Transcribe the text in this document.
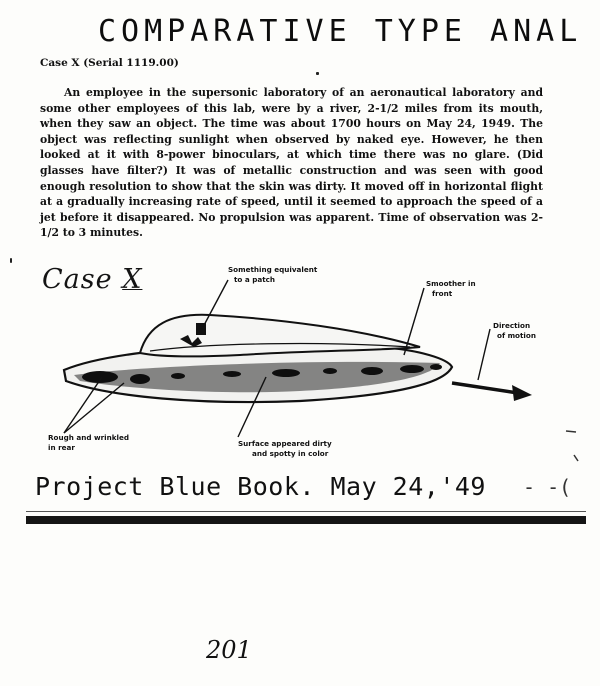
COMPARATIVE TYPE ANAL
Case X (Serial 1119.00)

An employee in the supersonic laboratory of an aeronautical laboratory and some other employees of this lab, were by a river, 2-1/2 miles from its mouth, when they saw an object. The time was about 1700 hours on May 24, 1949. The object was reflecting sunlight when observed by naked eye. However, he then looked at it with 8-power binoculars, at which time there was no glare. (Did glasses have filter?) It was of metallic construction and was seen with good enough resolution to show that the skin was dirty. It moved off in horizontal flight at a gradually increasing rate of speed, until it seemed to approach the speed of a jet before it disappeared. No propulsion was apparent. Time of observation was 2-1/2 to 3 minutes.

Case X	Something equivalent
to a patch	Smoother in
front
Direction
of motion
Rough and wrinkled
in rear	Surface appeared dirty
and spotty in color
Project Blue Book. May 24,'49 - -(
201
